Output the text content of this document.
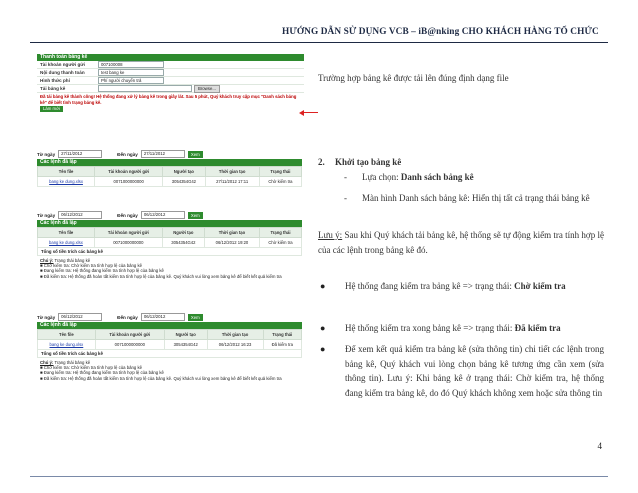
HƯỚNG DẪN SỬ DỤNG VCB – iB@nking CHO KHÁCH HÀNG TỔ CHỨC
Thanh toán bảng kê
Tài khoản người gửi	007100008
Nội dung thanh toán	test bang ke
Hình thức phí	Phí người chuyển trả
Tải bảng kê	Browse...
Đã tải bảng kê thành công! Hệ thống đang xử lý bảng kê trong giây lát. Sau 5 phút, Quý khách truy cập mục "Danh sách bảng kê" để biết tình trạng bảng kê.
Làm mới
Từ ngày	27/11/2012	Đến ngày	27/11/2012	Xem
Các lệnh đã lập
Tên file	Tài khoản người gửi	Người tạo	Thời gian tạo	Trạng thái
bang ke dung.xlsx	0071000000000	3054354G42	27/11/2012 17:11	Chờ kiểm tra
Từ ngày	06/12/2012	Đến ngày	06/12/2012	Xem
Các lệnh đã lập
Tên file	Tài khoản người gửi	Người tạo	Thời gian tạo	Trạng thái
bang ke dung.xlsx	0071000000000	3054354G42	06/12/2012 19:20	Chờ kiểm tra
Tổng số tiền trích các bảng kê
Chú ý: Trạng thái bảng kê
■ Chờ kiểm tra: Chờ kiểm tra tính hợp lệ của bảng kê
■ Đang kiểm tra: Hệ thống đang kiểm tra tính hợp lệ của bảng kê
■ Đã kiểm tra: Hệ thống đã hoàn tất kiểm tra tính hợp lệ của bảng kê. Quý khách vui lòng xem bảng kê để biết kết quả kiểm tra
Từ ngày	06/12/2012	Đến ngày	06/12/2012	Xem
Các lệnh đã lập
Tên file	Tài khoản người gửi	Người tạo	Thời gian tạo	Trạng thái
bang ke dung.xlsx	0071000000000	3054354G42	06/12/2012 16:23	Đã kiểm tra
Tổng số tiền trích các bảng kê
Chú ý: Trạng thái bảng kê
■ Chờ kiểm tra: Chờ kiểm tra tính hợp lệ của bảng kê
■ Đang kiểm tra: Hệ thống đang kiểm tra tính hợp lệ của bảng kê
■ Đã kiểm tra: Hệ thống đã hoàn tất kiểm tra tính hợp lệ của bảng kê. Quý khách vui lòng xem bảng kê để biết kết quả kiểm tra
Trường hợp bảng kê được tải lên đúng định dạng file
2. Khởi tạo bảng kê
- Lựa chọn: Danh sách bảng kê
- Màn hình Danh sách bảng kê: Hiển thị tất cả trạng thái bảng kê
Lưu ý: Sau khi Quý khách tải bảng kê, hệ thống sẽ tự động kiểm tra tính hợp lệ của các lệnh trong bảng kê đó.
● Hệ thống đang kiểm tra bảng kê => trạng thái: Chờ kiểm tra
● Hệ thống kiểm tra xong bảng kê => trạng thái: Đã kiểm tra
● Để xem kết quả kiểm tra bảng kê (sửa thông tin) chi tiết các lệnh trong bảng kê, Quý khách vui lòng chọn bảng kê tương ứng cần xem (sửa thông tin). Lưu ý: Khi bảng kê ở trạng thái: Chờ kiểm tra, hệ thống đang kiểm tra bảng kê, do đó Quý khách không xem hoặc sửa thông tin
4
